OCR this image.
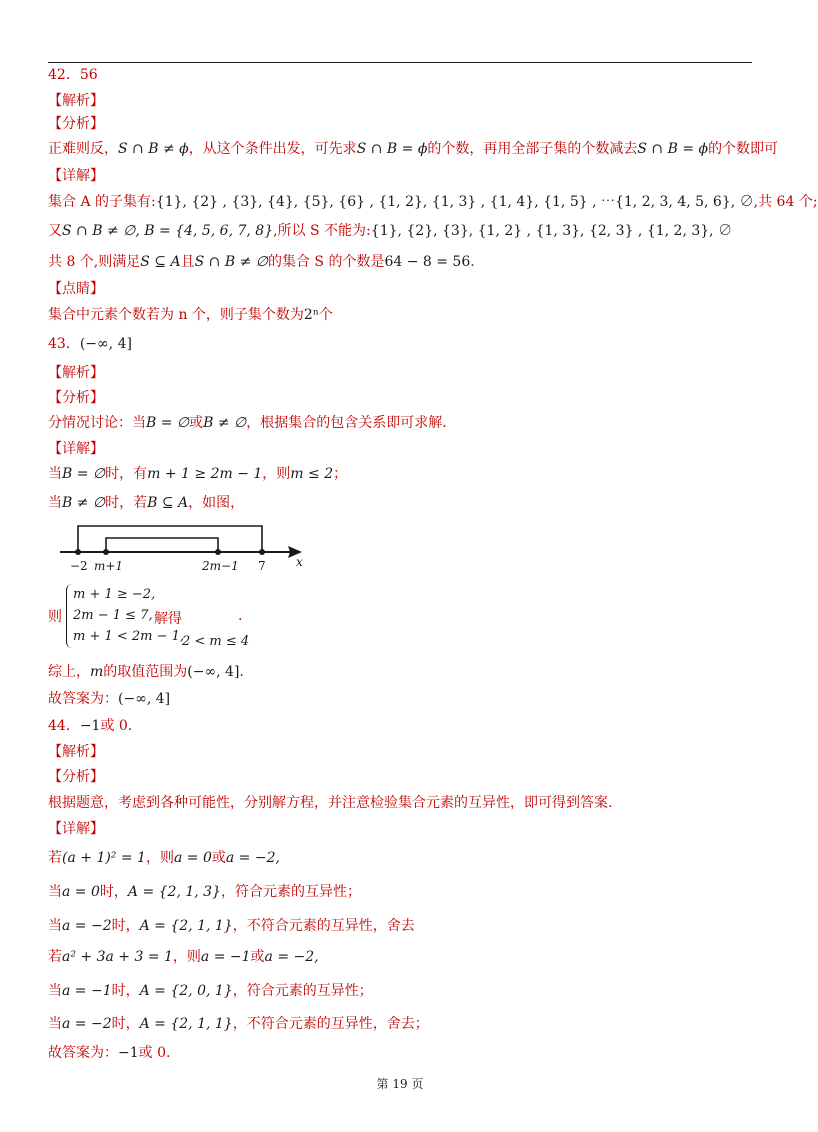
42．56
【解析】
【分析】
正难则反，S ∩ B ≠ ϕ，从这个条件出发，可先求S ∩ B = ϕ的个数，再用全部子集的个数减去S ∩ B = ϕ的个数即可
【详解】
集合 A 的子集有:{1}, {2} , {3}, {4}, {5}, {6} , {1, 2}, {1, 3} , {1, 4}, {1, 5} , ⋯{1, 2, 3, 4, 5, 6}, ∅,共 64 个;
又S ∩ B ≠ ∅, B = {4, 5, 6, 7, 8},所以 S 不能为:{1}, {2}, {3}, {1, 2} , {1, 3}, {2, 3} , {1, 2, 3}, ∅
共 8 个,则满足S ⊆ A且S ∩ B ≠ ∅的集合 S 的个数是64 − 8 = 56.
【点睛】
集合中元素个数若为 n 个，则子集个数为2ⁿ个
43．(−∞, 4]
【解析】
【分析】
分情况讨论：当B = ∅或B ≠ ∅，根据集合的包含关系即可求解.
【详解】
当B = ∅时，有m + 1 ≥ 2m − 1，则m ≤ 2；
当B ≠ ∅时，若B ⊆ A，如图，
−2 m+1	2m−1 7	x
则
m + 1 ≥ −2,
2m − 1 ≤ 7,
m + 1 < 2m − 1,
解得
2 < m ≤ 4
.
综上，m的取值范围为(−∞, 4].
故答案为：(−∞, 4]
44．−1或 0.
【解析】
【分析】
根据题意，考虑到各种可能性，分别解方程，并注意检验集合元素的互异性，即可得到答案.
【详解】
若(a + 1)² = 1，则a = 0或a = −2,
当a = 0时，A = {2, 1, 3}，符合元素的互异性；
当a = −2时，A = {2, 1, 1}，不符合元素的互异性，舍去
若a² + 3a + 3 = 1，则a = −1或a = −2,
当a = −1时，A = {2, 0, 1}，符合元素的互异性；
当a = −2时，A = {2, 1, 1}，不符合元素的互异性，舍去；
故答案为：−1或 0.
第 19 页
